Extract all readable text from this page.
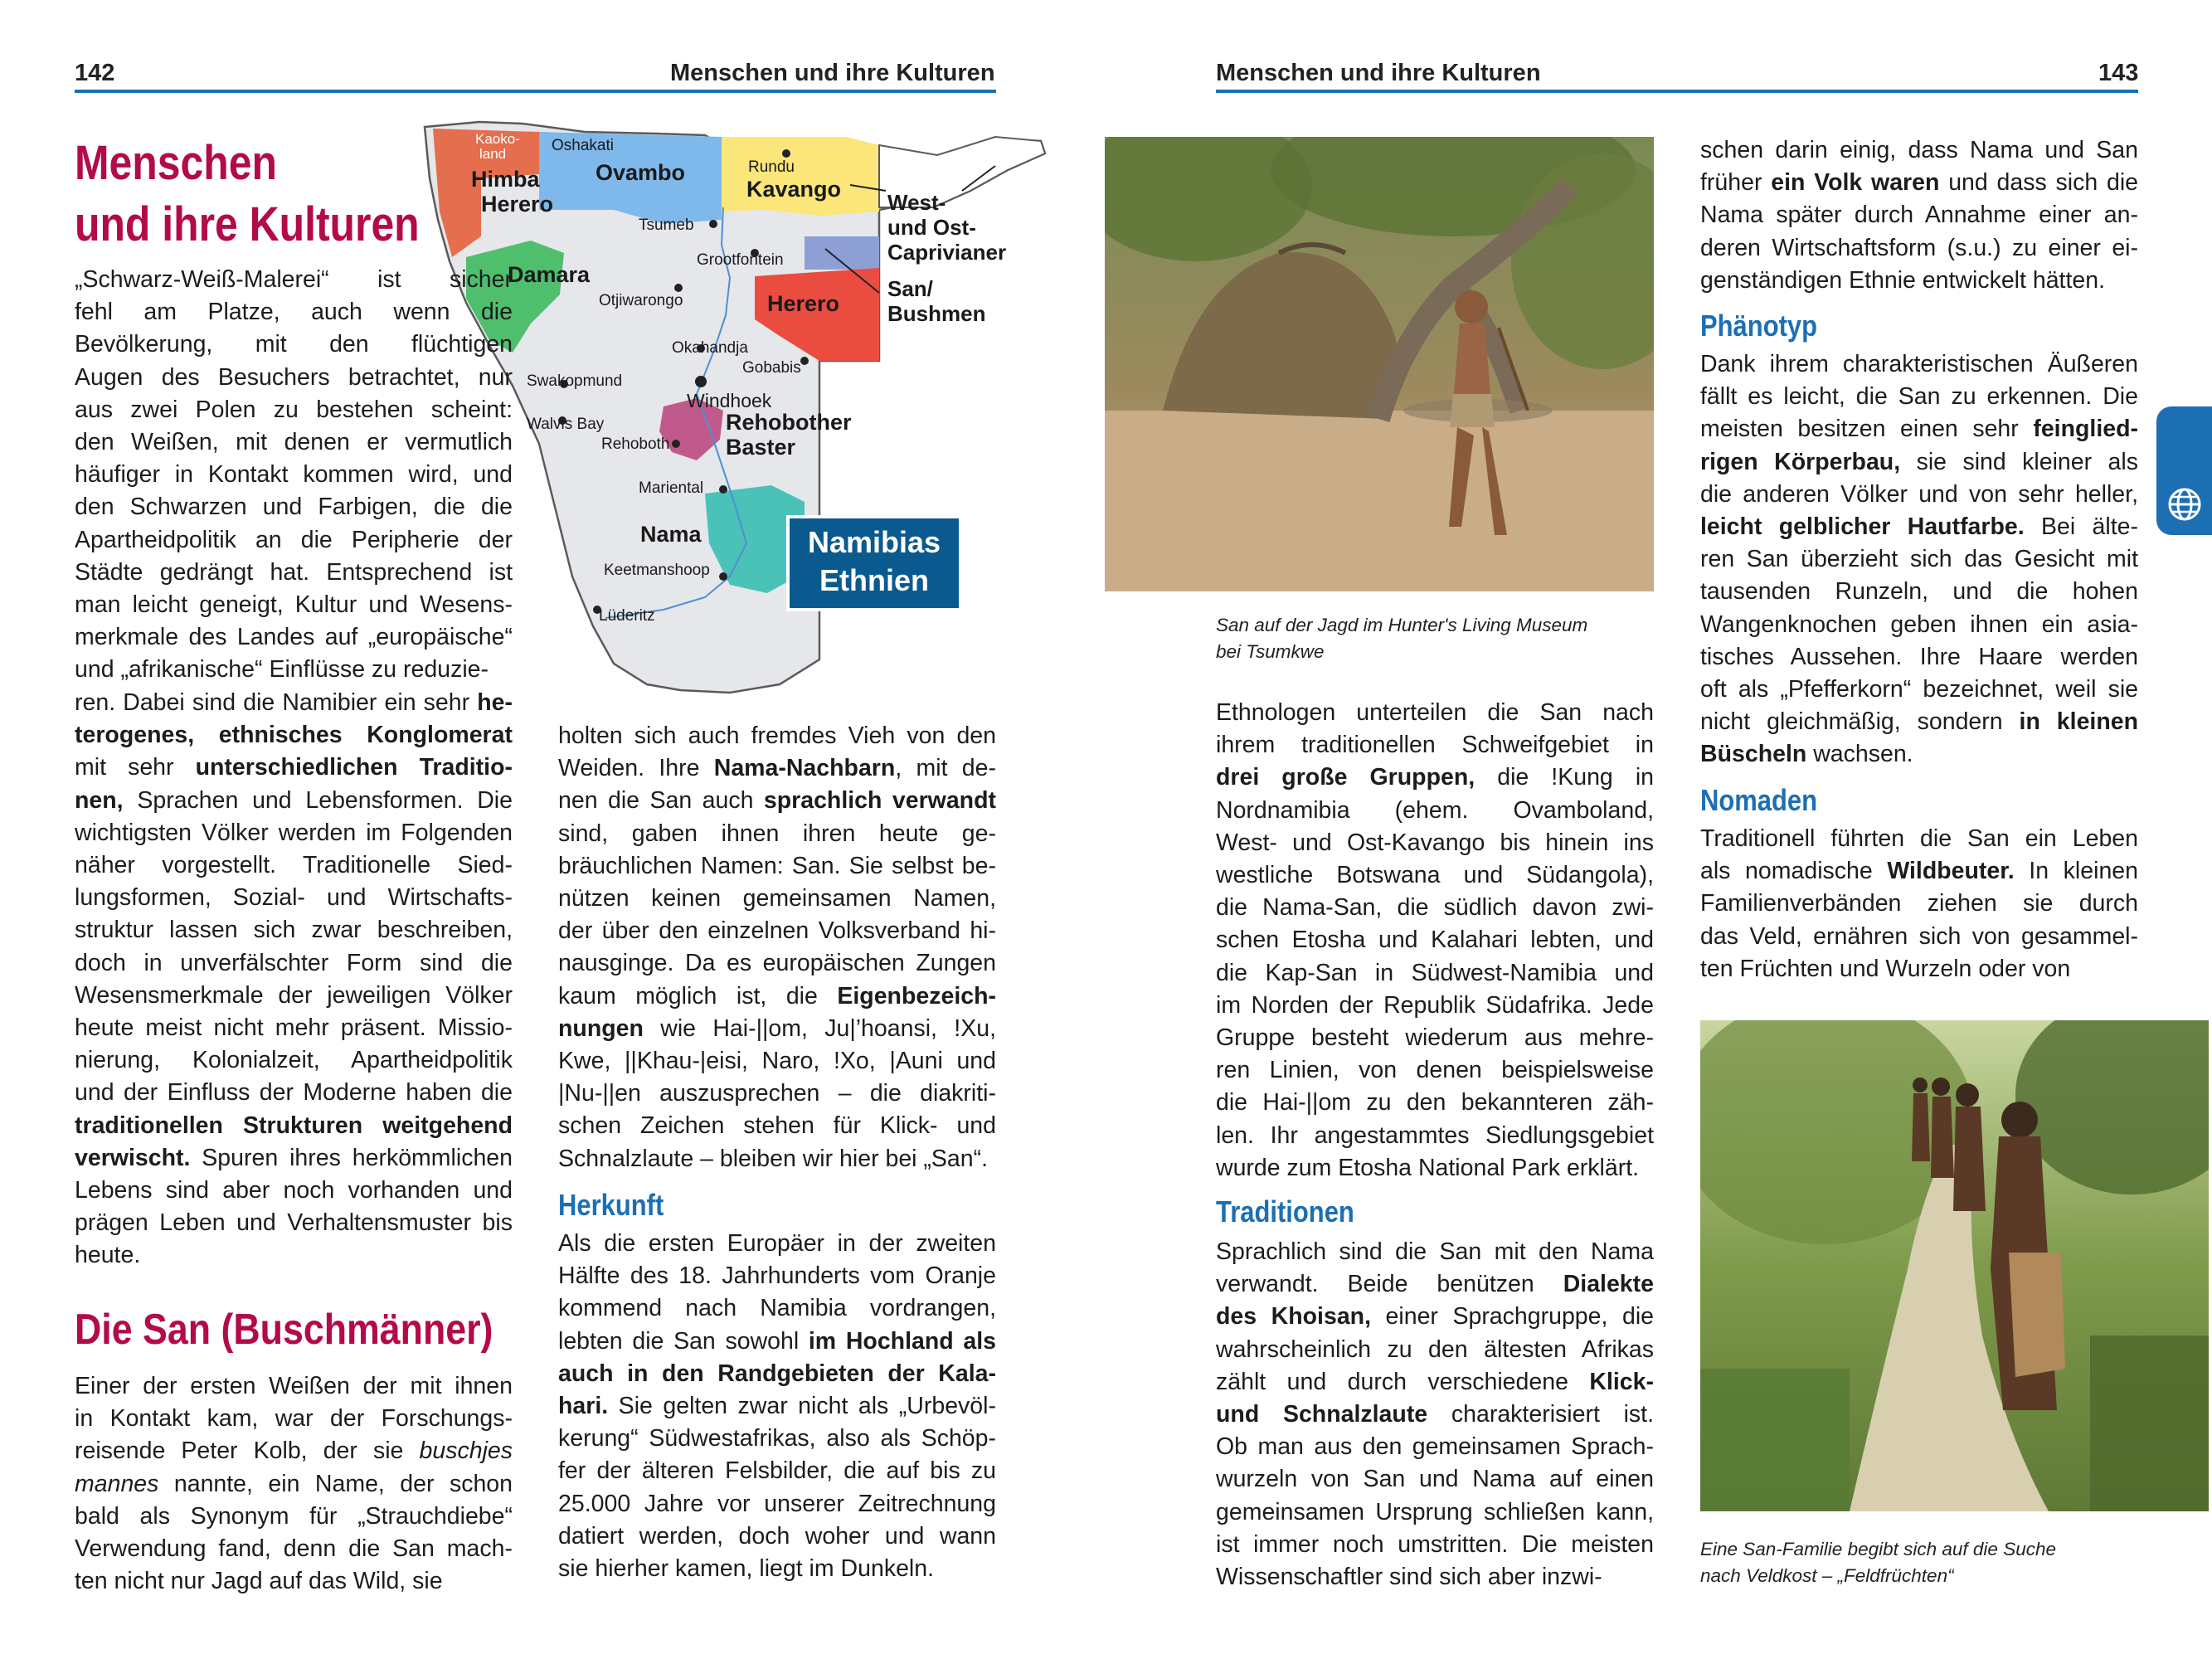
142	Menschen und ihre Kulturen	Menschen und ihre Kulturen	143
Menschen
und ihre Kulturen
Kaoko-
land
Himba
Herero
Oshakati
Ovambo	Rundu
Kavango
Damara
Herero
Rehobother
Baster
Nama
Tsumeb
Grootfontein
Otjiwarongo
Okahandja
Gobabis
Swakopmund
Windhoek
Walvis Bay
Rehoboth
Mariental
Keetmanshoop
Lüderitz
West-
und Ost-
Caprivianer
San/
Bushmen
Namibias
Ethnien
„Schwarz-Weiß-Malerei“ ist sicher
fehl am Platze, auch wenn die
Bevölkerung, mit den flüchtigen
Augen des Besuchers betrachtet, nur
aus zwei Polen zu bestehen scheint:
den Weißen, mit denen er vermutlich
häufiger in Kontakt kommen wird, und
den Schwarzen und Farbigen, die die
Apartheidpolitik an die Peripherie der
Städte gedrängt hat. Entsprechend ist
man leicht geneigt, Kultur und Wesens-
merkmale des Landes auf „europäische“
und „afrikanische“ Einflüsse zu reduzie-
ren. Dabei sind die Namibier ein sehr he-
terogenes, ethnisches Konglomerat
mit sehr unterschiedlichen Traditio-
nen, Sprachen und Lebensformen. Die
wichtigsten Völker werden im Folgenden
näher vorgestellt. Traditionelle Sied-
lungsformen, Sozial- und Wirtschafts-
struktur lassen sich zwar beschreiben,
doch in unverfälschter Form sind die
Wesensmerkmale der jeweiligen Völker
heute meist nicht mehr präsent. Missio-
nierung, Kolonialzeit, Apartheidpolitik
und der Einfluss der Moderne haben die
traditionellen Strukturen weitgehend
verwischt. Spuren ihres herkömmlichen
Lebens sind aber noch vorhanden und
prägen Leben und Verhaltensmuster bis
heute.
Die San (Buschmänner)
Einer der ersten Weißen der mit ihnen
in Kontakt kam, war der Forschungs-
reisende Peter Kolb, der sie buschjes
mannes nannte, ein Name, der schon
bald als Synonym für „Strauchdiebe“
Verwendung fand, denn die San mach-
ten nicht nur Jagd auf das Wild, sie
holten sich auch fremdes Vieh von den
Weiden. Ihre Nama-Nachbarn, mit de-
nen die San auch sprachlich verwandt
sind, gaben ihnen ihren heute ge-
bräuchlichen Namen: San. Sie selbst be-
nützen keinen gemeinsamen Namen,
der über den einzelnen Volksverband hi-
nausginge. Da es europäischen Zungen
kaum möglich ist, die Eigenbezeich-
nungen wie Hai-||om, Ju|’hoansi, !Xu,
Kwe, ||Khau-|eisi, Naro, !Xo, |Auni und
|Nu-||en auszusprechen – die diakriti-
schen Zeichen stehen für Klick- und
Schnalzlaute – bleiben wir hier bei „San“.
Herkunft
Als die ersten Europäer in der zweiten
Hälfte des 18. Jahrhunderts vom Oranje
kommend nach Namibia vordrangen,
lebten die San sowohl im Hochland als
auch in den Randgebieten der Kala-
hari. Sie gelten zwar nicht als „Urbevöl-
kerung“ Südwestafrikas, also als Schöp-
fer der älteren Felsbilder, die auf bis zu
25.000 Jahre vor unserer Zeitrechnung
datiert werden, doch woher und wann
sie hierher kamen, liegt im Dunkeln.
San auf der Jagd im Hunter's Living Museum
bei Tsumkwe
Ethnologen unterteilen die San nach
ihrem traditionellen Schweifgebiet in
drei große Gruppen, die !Kung in
Nordnamibia (ehem. Ovamboland,
West- und Ost-Kavango bis hinein ins
westliche Botswana und Südangola),
die Nama-San, die südlich davon zwi-
schen Etosha und Kalahari lebten, und
die Kap-San in Südwest-Namibia und
im Norden der Republik Südafrika. Jede
Gruppe besteht wiederum aus mehre-
ren Linien, von denen beispielsweise
die Hai-||om zu den bekannteren zäh-
len. Ihr angestammtes Siedlungsgebiet
wurde zum Etosha National Park erklärt.
Traditionen
Sprachlich sind die San mit den Nama
verwandt. Beide benützen Dialekte
des Khoisan, einer Sprachgruppe, die
wahrscheinlich zu den ältesten Afrikas
zählt und durch verschiedene Klick-
und Schnalzlaute charakterisiert ist.
Ob man aus den gemeinsamen Sprach-
wurzeln von San und Nama auf einen
gemeinsamen Ursprung schließen kann,
ist immer noch umstritten. Die meisten
Wissenschaftler sind sich aber inzwi-
schen darin einig, dass Nama und San
früher ein Volk waren und dass sich die
Nama später durch Annahme einer an-
deren Wirtschaftsform (s.u.) zu einer ei-
genständigen Ethnie entwickelt hätten.
Phänotyp
Dank ihrem charakteristischen Äußeren
fällt es leicht, die San zu erkennen. Die
meisten besitzen einen sehr feinglied-
rigen Körperbau, sie sind kleiner als
die anderen Völker und von sehr heller,
leicht gelblicher Hautfarbe. Bei älte-
ren San überzieht sich das Gesicht mit
tausenden Runzeln, und die hohen
Wangenknochen geben ihnen ein asia-
tisches Aussehen. Ihre Haare werden
oft als „Pfefferkorn“ bezeichnet, weil sie
nicht gleichmäßig, sondern in kleinen
Büscheln wachsen.
Nomaden
Traditionell führten die San ein Leben
als nomadische Wildbeuter. In kleinen
Familienverbänden ziehen sie durch
das Veld, ernähren sich von gesammel-
ten Früchten und Wurzeln oder von
Eine San-Familie begibt sich auf die Suche
nach Veldkost – „Feldfrüchten“
